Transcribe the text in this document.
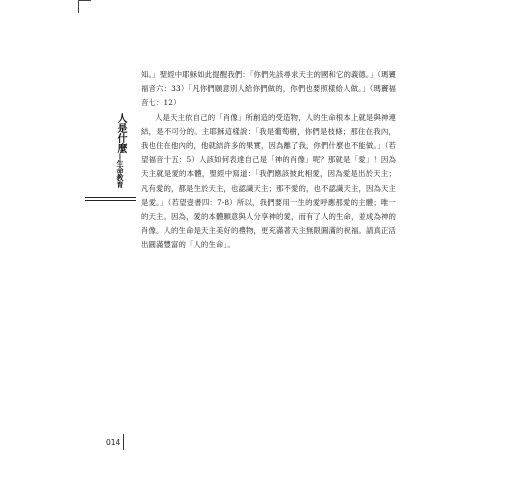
人是什麼—生命教育

知。」聖經中耶穌如此提醒我們：「你們先該尋求天主的國和它的義德。」（瑪竇福音六：33）「凡你們願意別人給你們做的，你們也要照樣給人做。」（瑪竇福音七：12）

人是天主依自己的「肖像」所創造的受造物，人的生命根本上就是與神連結，是不可分的。主耶穌這樣說：「我是葡萄樹，你們是枝條；那住在我內，我也住在他內的，他就結許多的果實，因為離了我，你們什麼也不能做。」（若望福音十五：5）人該如何表達自己是「神的肖像」呢？那就是「愛」！因為天主就是愛的本體，聖經中寫道：「我們應該彼此相愛，因為愛是出於天主；凡有愛的，都是生於天主，也認識天主；那不愛的，也不認識天主，因為天主是愛。」（若望壹書四：7-8）所以，我們要用一生的愛呼應那愛的主體；唯一的天主。因為，愛的本體願意與人分享神的愛，而有了人的生命，並成為神的肖像。人的生命是天主美好的禮物，更充滿著天主無限圓滿的祝福。請真正活出圓滿豐富的「人的生命」。

014
